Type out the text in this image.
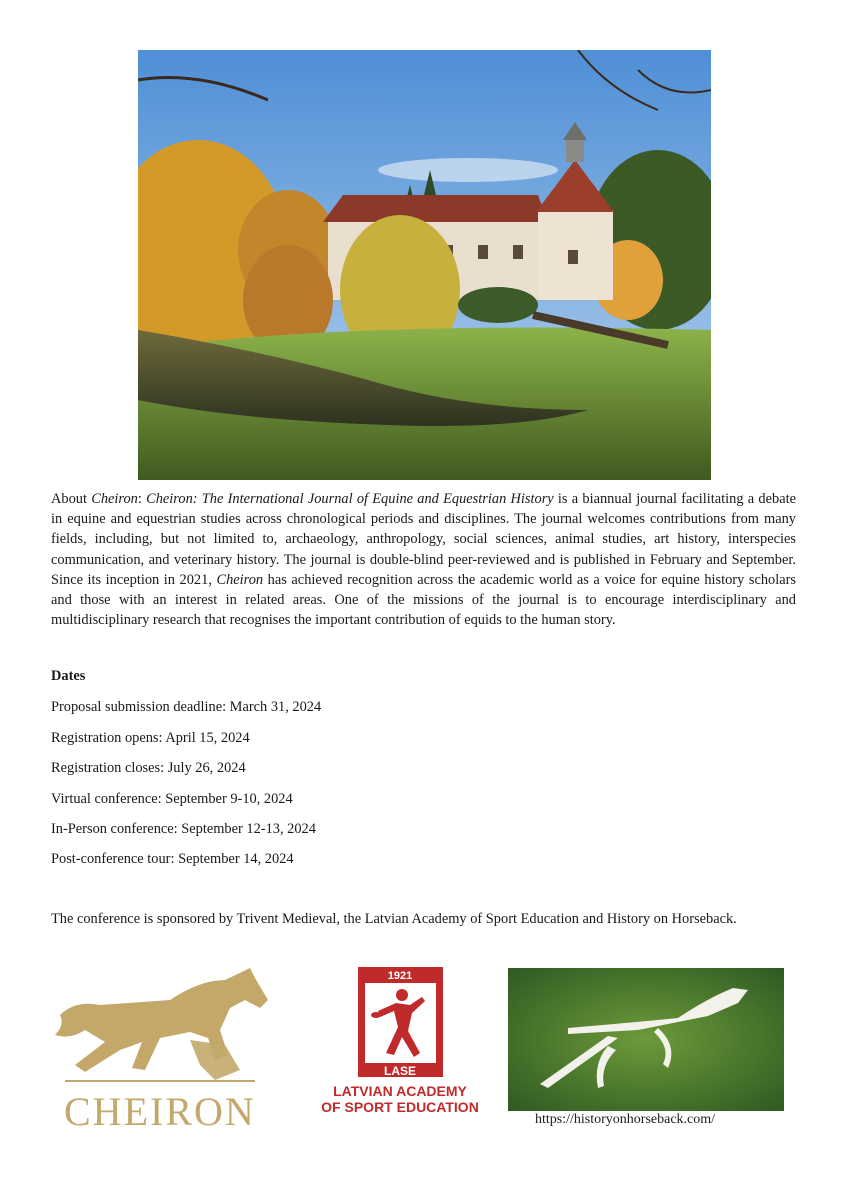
About Cheiron: Cheiron: The International Journal of Equine and Equestrian History is a biannual journal facilitating a debate in equine and equestrian studies across chronological periods and disciplines. The journal welcomes contributions from many fields, including, but not limited to, archaeology, anthropology, social sciences, animal studies, art history, interspecies communication, and veterinary history. The journal is double-blind peer-reviewed and is published in February and September. Since its inception in 2021, Cheiron has achieved recognition across the academic world as a voice for equine history scholars and those with an interest in related areas. One of the missions of the journal is to encourage interdisciplinary and multidisciplinary research that recognises the important contribution of equids to the human story.

Dates

Proposal submission deadline: March 31, 2024

Registration opens: April 15, 2024

Registration closes: July 26, 2024

Virtual conference: September 9-10, 2024

In-Person conference: September 12-13, 2024

Post-conference tour: September 14, 2024

The conference is sponsored by Trivent Medieval, the Latvian Academy of Sport Education and History on Horseback.

CHEIRON
1921
LASE
LATVIAN ACADEMY
OF SPORT EDUCATION
https://historyonhorseback.com/
